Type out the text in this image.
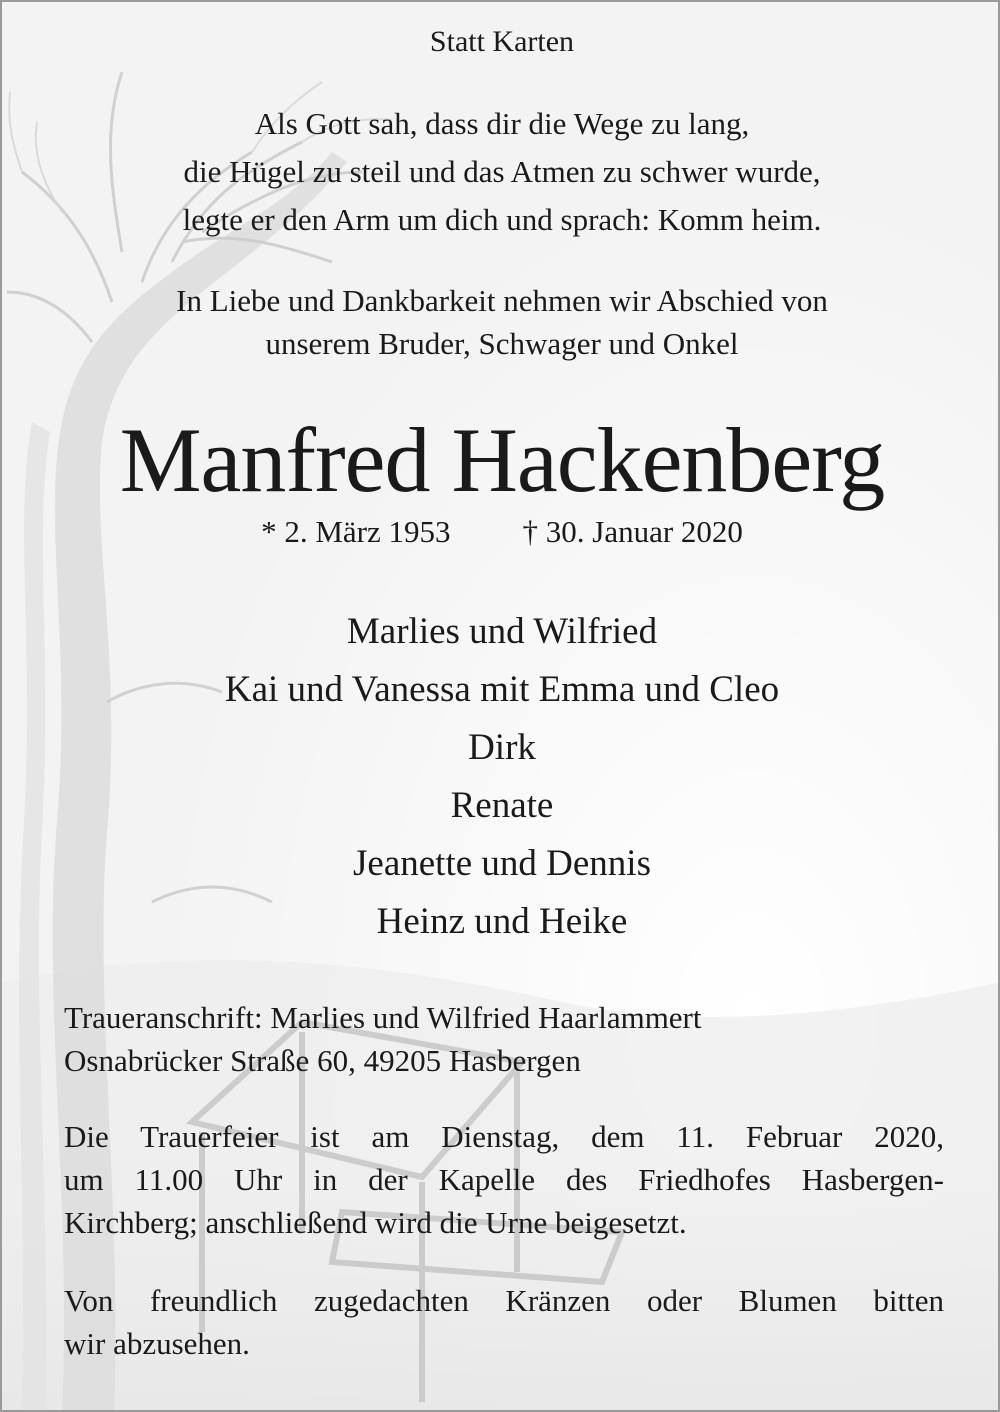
Statt Karten

Als Gott sah, dass dir die Wege zu lang,
die Hügel zu steil und das Atmen zu schwer wurde,
legte er den Arm um dich und sprach: Komm heim.

In Liebe und Dankbarkeit nehmen wir Abschied von
unserem Bruder, Schwager und Onkel

Manfred Hackenberg

* 2. März 1953 † 30. Januar 2020

Marlies und Wilfried
Kai und Vanessa mit Emma und Cleo
Dirk
Renate
Jeanette und Dennis
Heinz und Heike

Traueranschrift: Marlies und Wilfried Haarlammert
Osnabrücker Straße 60, 49205 Hasbergen

Die Trauerfeier ist am Dienstag, dem 11. Februar 2020,
um 11.00 Uhr in der Kapelle des Friedhofes Hasbergen-
Kirchberg; anschließend wird die Urne beigesetzt.

Von freundlich zugedachten Kränzen oder Blumen bitten
wir abzusehen.
